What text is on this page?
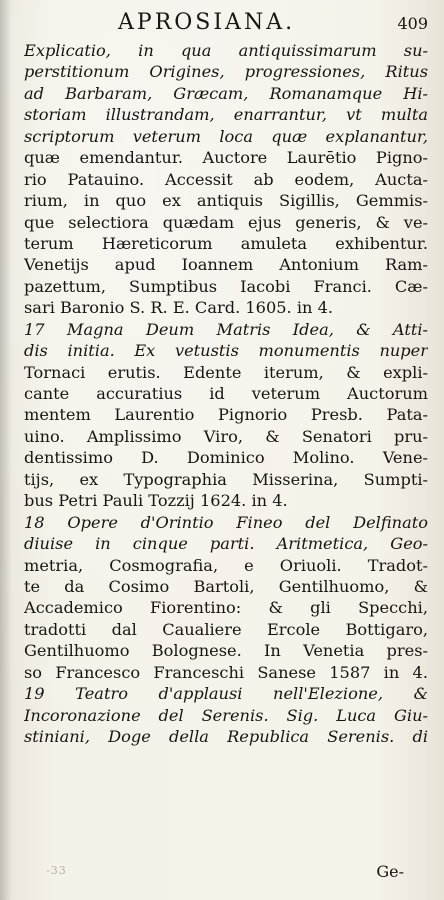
APROSIANA.	409
Explicatio, in qua antiquissimarum su-
perstitionum Origines, progressiones, Ritus
ad Barbaram, Græcam, Romanamque Hi-
storiam illustrandam, enarrantur, vt multa
scriptorum veterum loca quæ explanantur,
quæ emendantur. Auctore Laurētio Pigno-
rio Patauino. Accessit ab eodem, Aucta-
rium, in quo ex antiquis Sigillis, Gemmis-
que selectiora quædam ejus generis, & ve-
terum Hæreticorum amuleta exhibentur.
Venetijs apud Ioannem Antonium Ram-
pazettum, Sumptibus Iacobi Franci. Cæ-
sari Baronio S. R. E. Card. 1605. in 4.
17 Magna Deum Matris Idea, & Atti-
dis initia. Ex vetustis monumentis nuper
Tornaci erutis. Edente iterum, & expli-
cante accuratius id veterum Auctorum
mentem Laurentio Pignorio Presb. Pata-
uino. Amplissimo Viro, & Senatori pru-
dentissimo D. Dominico Molino. Vene-
tijs, ex Typographia Misserina, Sumpti-
bus Petri Pauli Tozzij 1624. in 4.
18 Opere d'Orintio Fineo del Delfinato
diuise in cinque parti. Aritmetica, Geo-
metria, Cosmografia, e Oriuoli. Tradot-
te da Cosimo Bartoli, Gentilhuomo, &
Accademico Fiorentino: & gli Specchi,
tradotti dal Caualiere Ercole Bottigaro,
Gentilhuomo Bolognese. In Venetia pres-
so Francesco Franceschi Sanese 1587 in 4.
19 Teatro d'applausi nell'Elezione, &
Incoronazione del Serenis. Sig. Luca Giu-
stiniani, Doge della Republica Serenis. di
-33	Ge-
